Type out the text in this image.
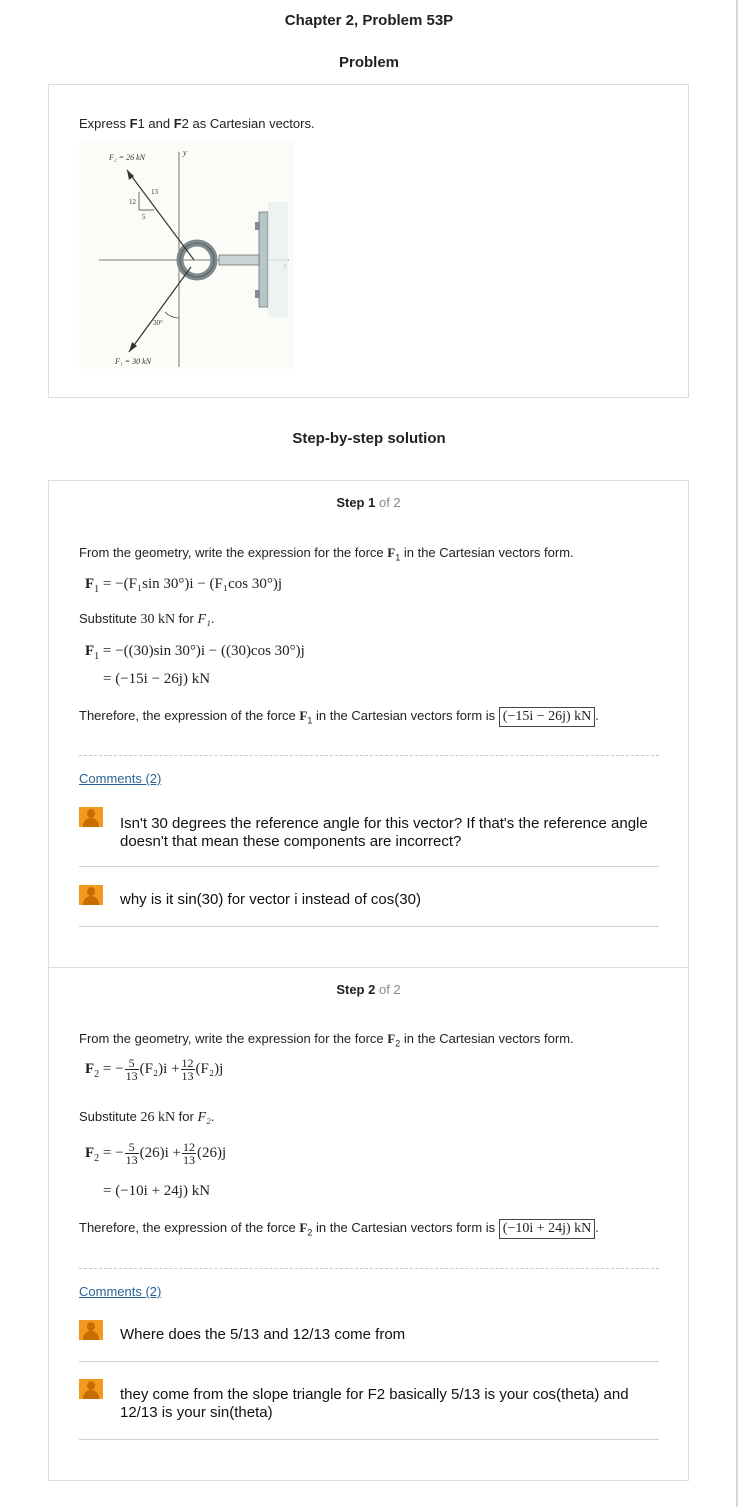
Chapter 2, Problem 53P
Problem
Express F1 and F2 as Cartesian vectors.
y
F₂ = 26 kN
12
13
5
F₁ = 30 kN
30°
Step-by-step solution
Step 1 of 2
From the geometry, write the expression for the force $F_1$ in the Cartesian vectors form.
$F_1 = -(F_1\sin$ 30°)i − (F₁cos 30°)j
Substitute 30 kN for F₁.
$F_1 = -((30)\sin$ 30°)i − ((30)cos 30°)j
= (−15i − 26j) kN
Therefore, the expression of the force $F_1$ in the Cartesian vectors form is (−15i − 26j) kN .
Comments (2)
Isn't 30 degrees the reference angle for this vector? If that's the reference angle doesn't that mean these components are incorrect?
why is it sin(30) for vector i instead of cos(30)
Step 2 of 2
From the geometry, write the expression for the force $F_2$ in the Cartesian vectors form.
$F_2$ = − $\frac{5}{13} (F_2)i + \frac{12}{13} (F_2)j$
Substitute 26 kN for F₂.
$F_2$ = − $\frac{5}{13} (26)i + \frac{12}{13} (26)j$
= (−10i + 24j) kN
Therefore, the expression of the force $F_2$ in the Cartesian vectors form is (−10i + 24j) kN .
Comments (2)
Where does the 5/13 and 12/13 come from
they come from the slope triangle for F2 basically 5/13 is your cos(theta) and 12/13 is your sin(theta)
